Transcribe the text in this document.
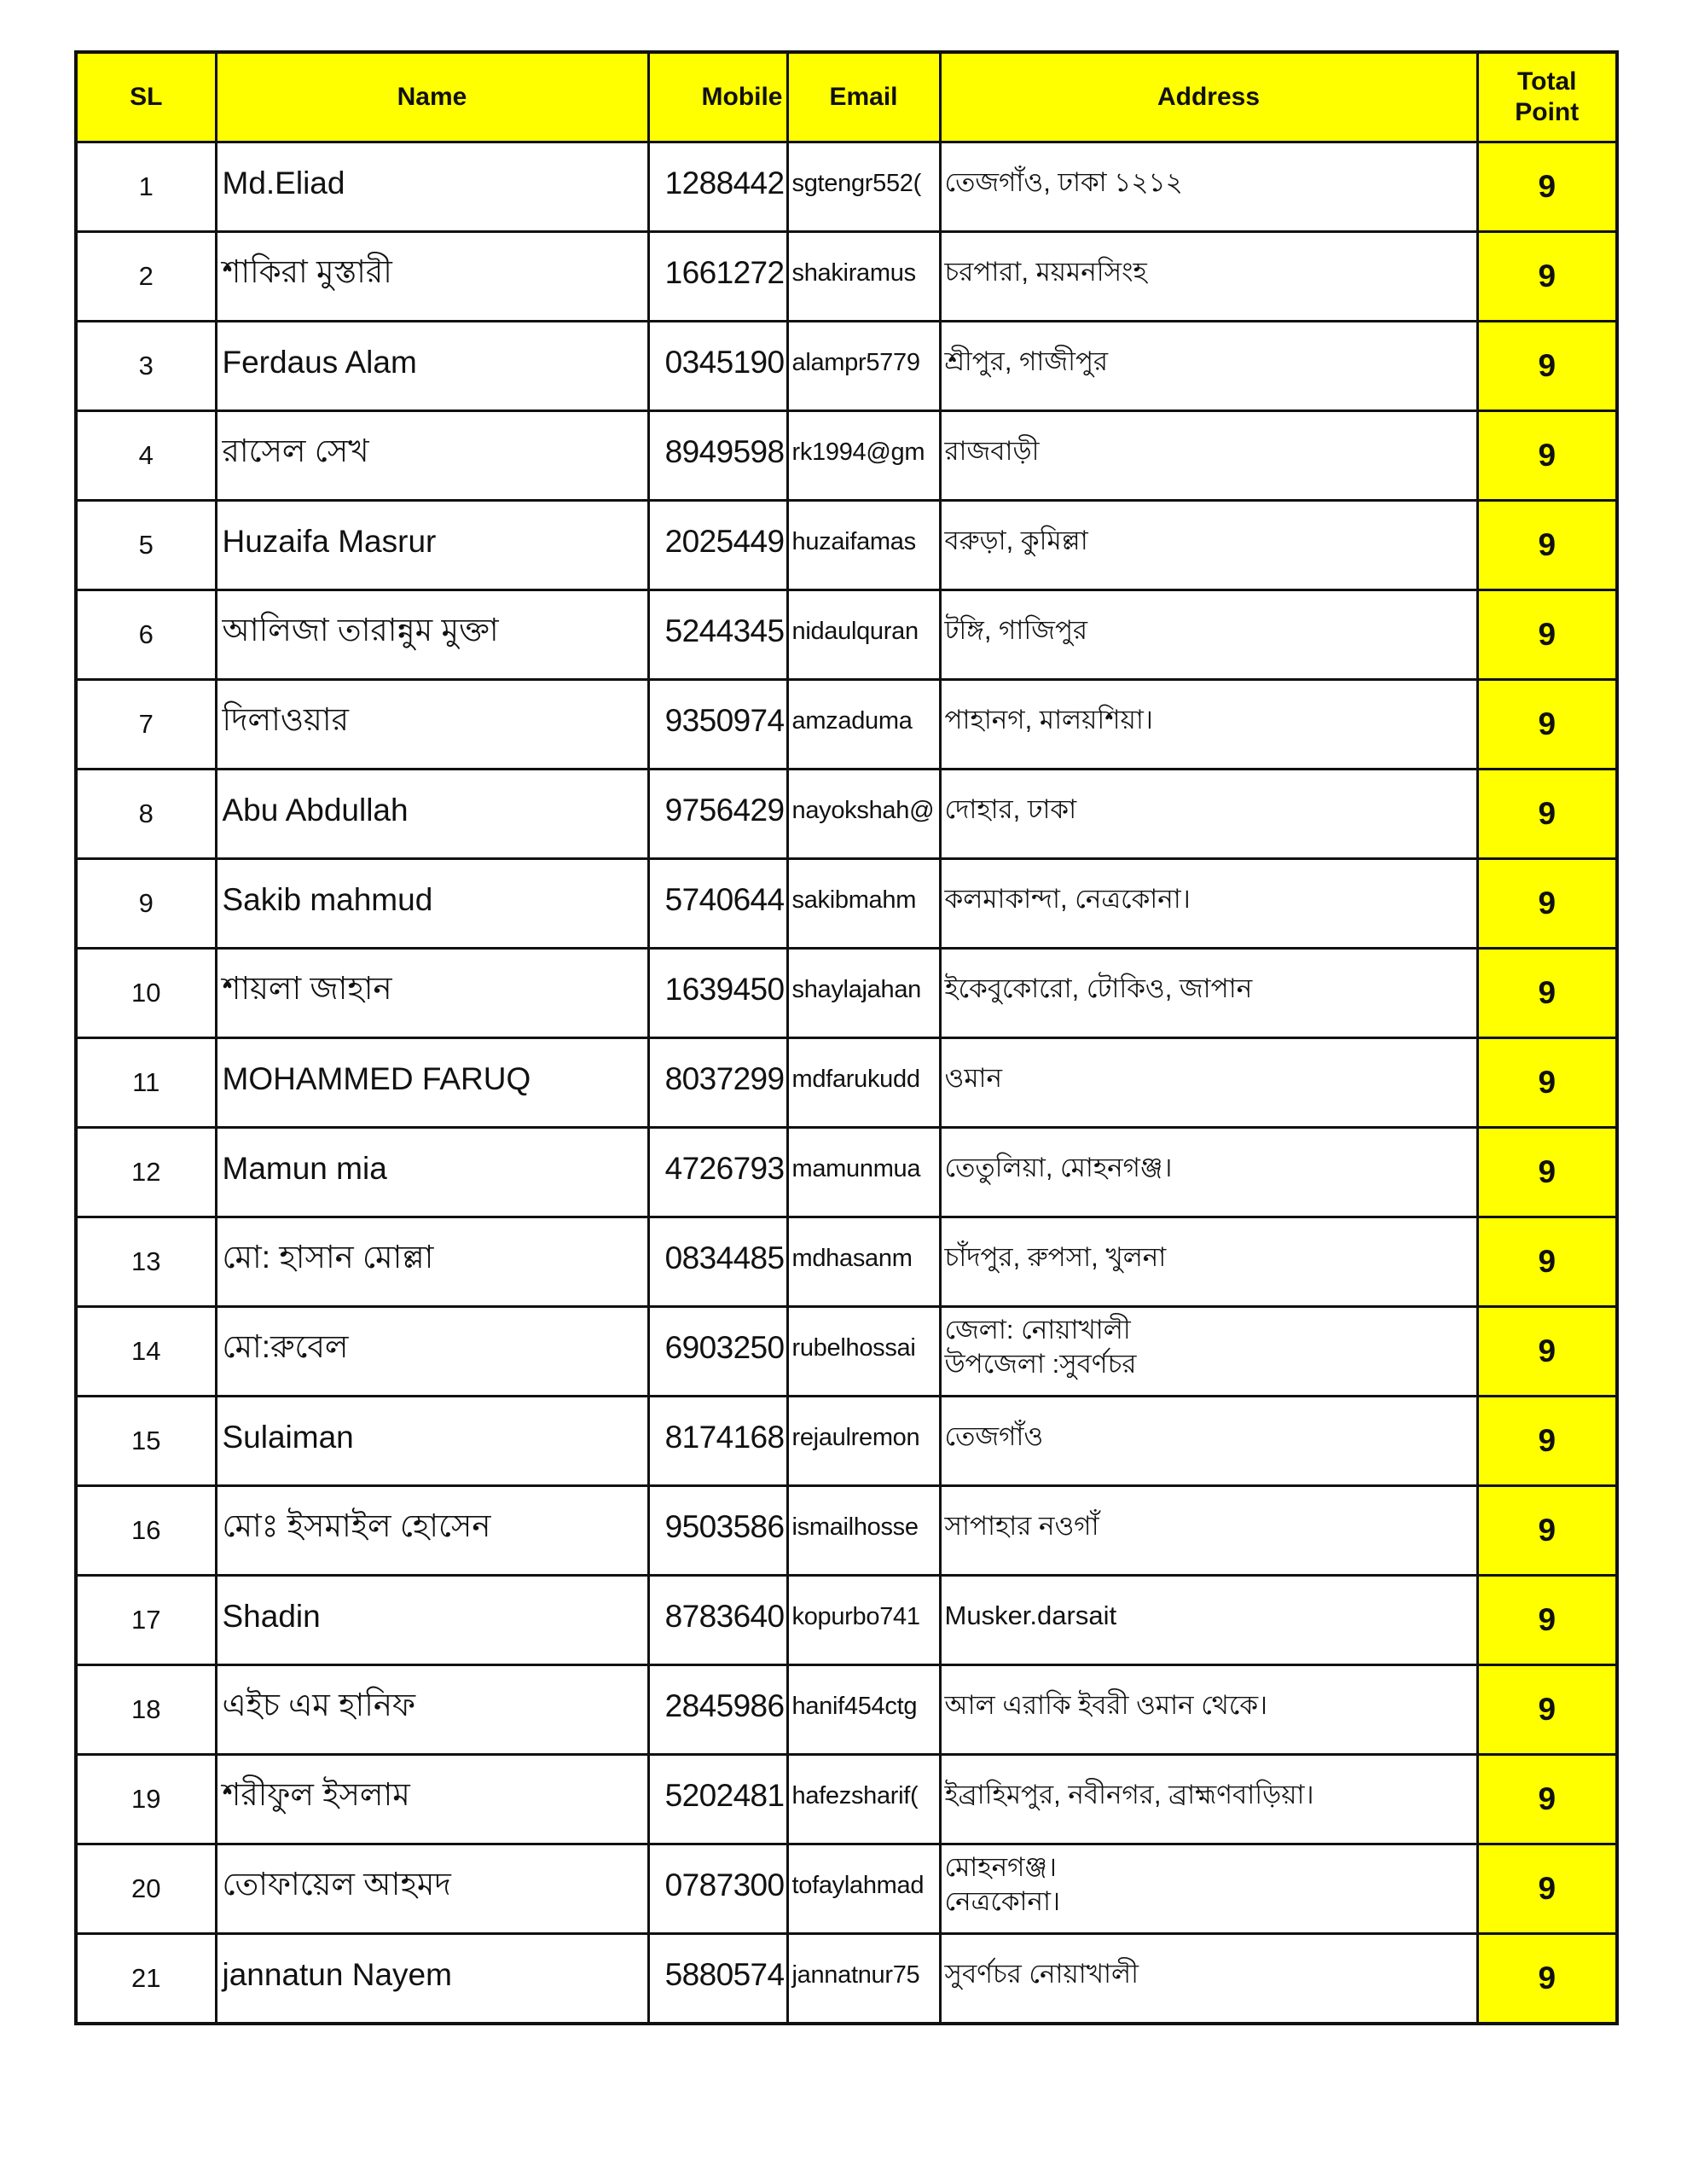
SL	Name	Mobile	Email	Address	Total
Point
1	Md.Eliad	1288442	sgtengr552(	তেজগাঁও, ঢাকা ১২১২	9
2	শাকিরা মুস্তারী	1661272	shakiramus	চরপারা, ময়মনসিংহ	9
3	Ferdaus Alam	0345190	alampr5779	শ্রীপুর, গাজীপুর	9
4	রাসেল সেখ	8949598	rk1994@gm	রাজবাড়ী	9
5	Huzaifa Masrur	2025449	huzaifamas	বরুড়া, কুমিল্লা	9
6	আলিজা তারান্নুম মুক্তা	5244345	nidaulquran	টঙ্গি, গাজিপুর	9
7	দিলাওয়ার	9350974	amzaduma	পাহানগ, মালয়শিয়া।	9
8	Abu Abdullah	9756429	nayokshah@	দোহার, ঢাকা	9
9	Sakib mahmud	5740644	sakibmahm	কলমাকান্দা, নেত্রকোনা।	9
10	শায়লা জাহান	1639450	shaylajahan	ইকেবুকোরো, টোকিও, জাপান	9
11	MOHAMMED FARUQ	8037299	mdfarukudd	ওমান	9
12	Mamun mia	4726793	mamunmua	তেতুলিয়া, মোহনগঞ্জ।	9
13	মো: হাসান মোল্লা	0834485	mdhasanm	চাঁদপুর, রুপসা, খুলনা	9
14	মো:রুবেল	6903250	rubelhossai	জেলা: নোয়াখালী
উপজেলা :সুবর্ণচর	9
15	Sulaiman	8174168	rejaulremon	তেজগাঁও	9
16	মোঃ ইসমাইল হোসেন	9503586	ismailhosse	সাপাহার নওগাঁ	9
17	Shadin	8783640	kopurbo741	Musker.darsait	9
18	এইচ এম হানিফ	2845986	hanif454ctg	আল এরাকি ইবরী ওমান থেকে।	9
19	শরীফুল ইসলাম	5202481	hafezsharif(	ইব্রাহিমপুর, নবীনগর, ব্রাহ্মণবাড়িয়া।	9
20	তোফায়েল আহমদ	0787300	tofaylahmad	মোহনগঞ্জ।
নেত্রকোনা।	9
21	jannatun Nayem	5880574	jannatnur75	সুবর্ণচর নোয়াখালী	9
